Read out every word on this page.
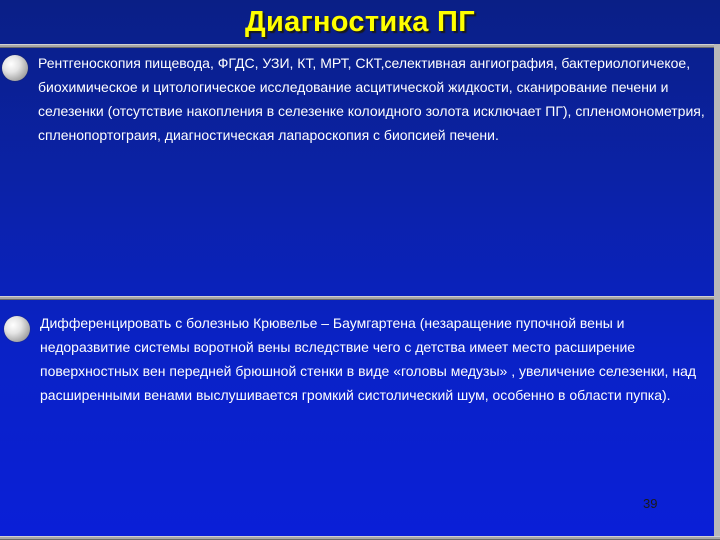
Диагностика ПГ

Рентгеноскопия пищевода, ФГДС, УЗИ, КТ, МРТ, СКТ,селективная ангиография, бактериологичекое, биохимическое и цитологическое исследование асцитической жидкости, сканирование печени и селезенки (отсутствие накопления в селезенке колоидного золота исключает ПГ), спленомонометрия, спленопортограия, диагностическая лапароскопия с биопсией печени.

Дифференцировать с болезнью Крювелье – Баумгартена (незаращение пупочной вены и недоразвитие системы воротной вены вследствие чего с детства имеет место расширение поверхностных вен передней брюшной стенки в виде «головы медузы» , увеличение селезенки, над расширенными венами выслушивается громкий систолический шум, особенно в области пупка).

39
